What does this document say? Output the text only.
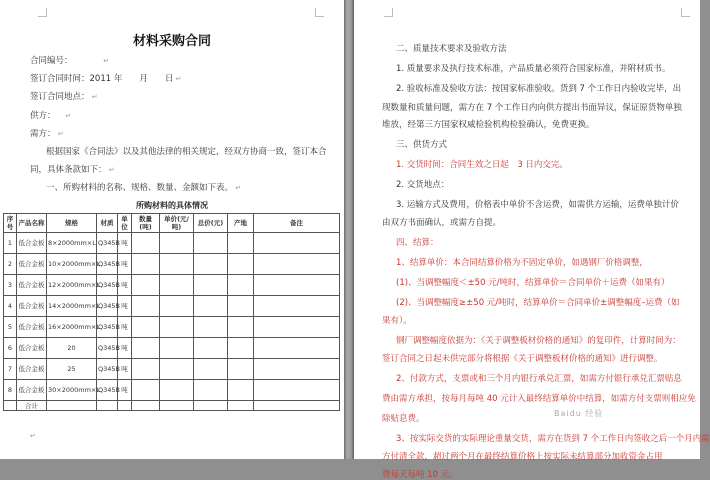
材料采购合同
合同编号：　　　　　↵
签订合同时间：2011 年　　 月　　 日 ↵
签订合同地点： ↵
供方：　　↵
需方： ↵
根据国家《合同法》以及其他法律的相关规定，经双方协商一致，签订本合
同，具体条款如下： ↵
一、所购材料的名称、规格、数量、金额如下表。 ↵
所购材料的具体情况
序号	产品名称	规格	材质	单位	数量(吨)	单价(元/吨)	总价(元)	产地	备注
1	低合金板	8×2000mm×L	Q345B	吨					
2	低合金板	10×2000mm×L	Q345B	吨					
3	低合金板	12×2000mm×L	Q345B	吨					
4	低合金板	14×2000mm×L	Q345B	吨					
5	低合金板	16×2000mm×L	Q345B	吨					
6	低合金板	20	Q345B	吨					
7	低合金板	25	Q345B	吨					
8	低合金板	30×2000mm×L	Q345B	吨					
	合计								
↵
二、质量技术要求及验收方法
1. 质量要求及执行技术标准，产品质量必须符合国家标准，并附材质书。
2. 验收标准及验收方法：按国家标准验收。货到 7 个工作日内验收完毕，出
现数量和质量问题，需方在 7 个工作日内向供方提出书面异议，保证原货物单独
堆放，经第三方国家权威检验机构检验确认，免费更换。
三、供货方式
1. 交货时间：合同生效之日起　3 日内交完。
2. 交货地点：
3. 运输方式及费用，价格表中单价不含运费，如需供方运输，运费单独计价
由双方书面确认，或需方自提。
四、结算：
1、结算单价：本合同结算价格为不固定单价，如遇钢厂价格调整，
(1)、当调整幅度＜±50 元/吨时，结算单价＝合同单价＋运费（如果有）
(2)、当调整幅度≥±50 元/吨时，结算单价＝合同单价±调整幅度–运费（如
果有）。
钢厂调整幅度依据为：《关于调整板材价格的通知》的复印件，计算时间为：
签订合同之日起未供完部分将根据《关于调整板材价格的通知》进行调整。
2、付款方式，支票或和三个月内银行承兑汇票，如需方付银行承兑汇票贴息
费由需方承担，按每月每吨 40 元计入最终结算单价中结算，如需方付支票则相应免
除贴息费。
3、按实际交货的实际理论重量交货，需方在货到 7 个工作日内签收之后一个月内需
方付清全款，超过两个月在最终结算价格上按实际未结算部分加收资金占用
费每天每吨 10 元。
Baidu 经验
